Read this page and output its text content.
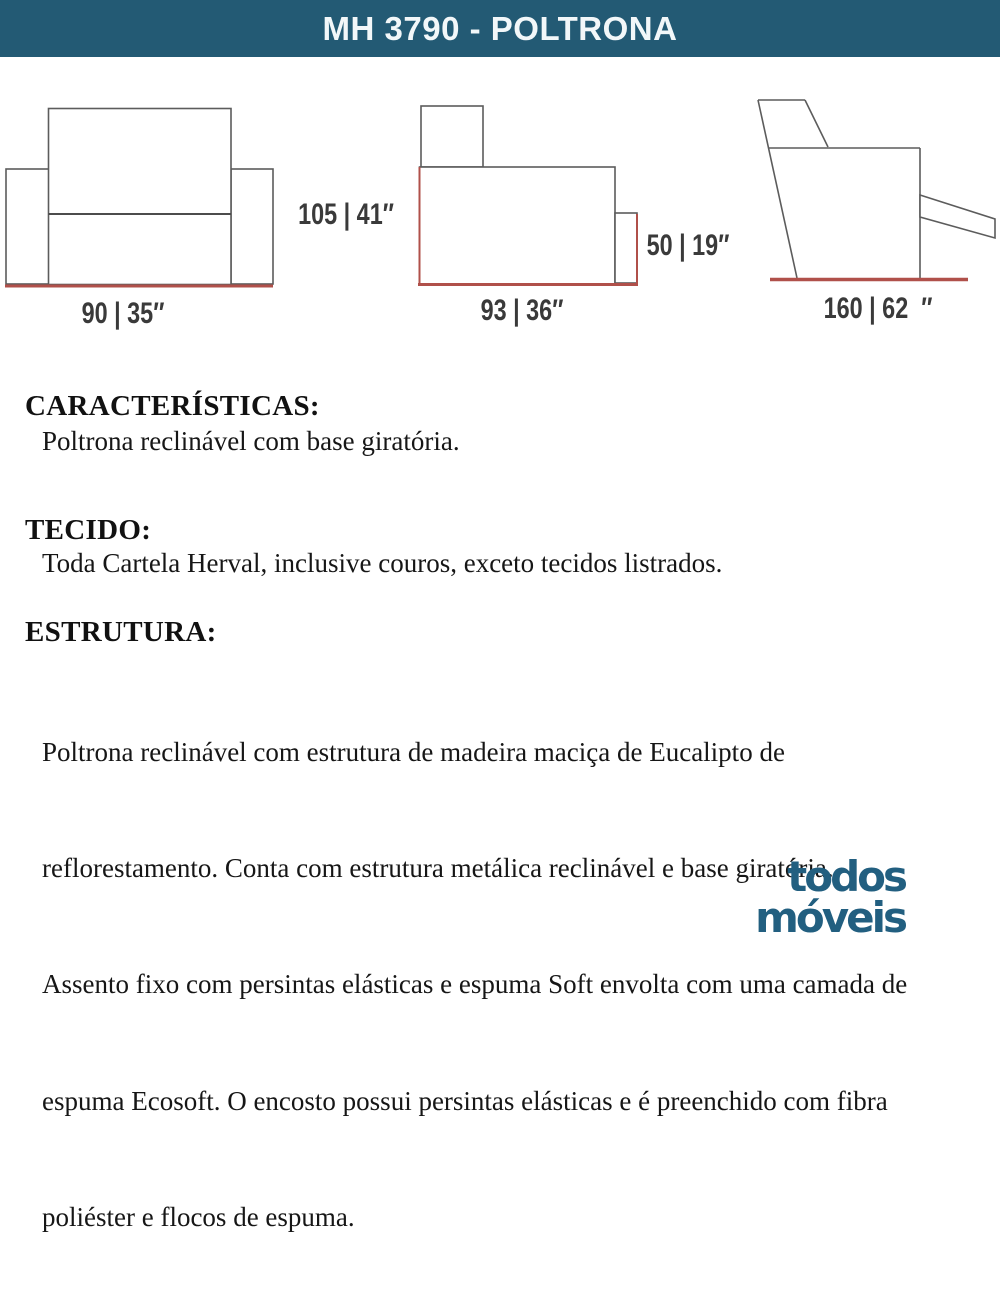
MH 3790 - POLTRONA
105 | 41″
90 | 35″	93 | 36″
50 | 19″
160 | 62  ″
CARACTERÍSTICAS:
Poltrona reclinável com base giratória.
TECIDO:
Toda Cartela Herval, inclusive couros, exceto tecidos listrados.
ESTRUTURA:

Poltrona reclinável com estrutura de madeira maciça de Eucalipto de

reflorestamento. Conta com estrutura metálica reclinável e base giratória.

Assento fixo com persintas elásticas e espuma Soft envolta com uma camada de

espuma Ecosoft. O encosto possui persintas elásticas e é preenchido com fibra

poliéster e flocos de espuma.

todos
móveis
